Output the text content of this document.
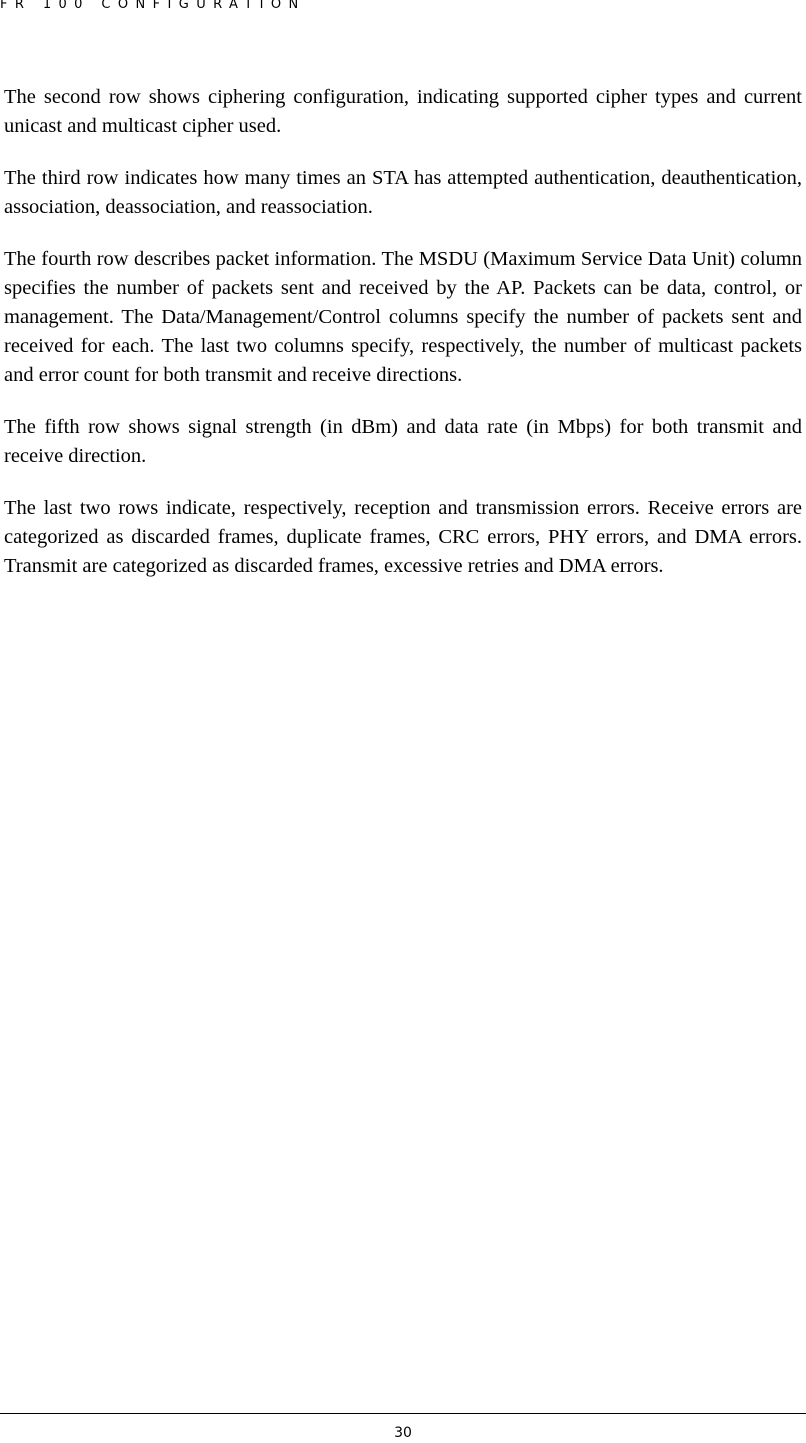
FR 100 CONFIGURATION

The second row shows ciphering configuration, indicating supported cipher types and current unicast and multicast cipher used.

The third row indicates how many times an STA has attempted authentication, deauthentication, association, deassociation, and reassociation.

The fourth row describes packet information. The MSDU (Maximum Service Data Unit) column specifies the number of packets sent and received by the AP. Packets can be data, control, or management. The Data/Management/Control columns specify the number of packets sent and received for each. The last two columns specify, respectively, the number of multicast packets and error count for both transmit and receive directions.

The fifth row shows signal strength (in dBm) and data rate (in Mbps) for both transmit and receive direction.

The last two rows indicate, respectively, reception and transmission errors. Receive errors are categorized as discarded frames, duplicate frames, CRC errors, PHY errors, and DMA errors. Transmit are categorized as discarded frames, excessive retries and DMA errors.

30
